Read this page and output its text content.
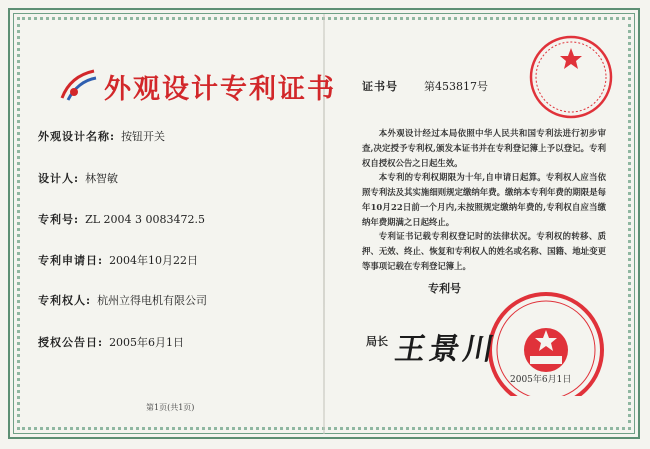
外观设计专利证书
外观设计名称: 按钮开关
设计人: 林智敏
专利号: ZL 2004 3 0083472.5
专利申请日: 2004年10月22日
专利权人: 杭州立得电机有限公司
授权公告日: 2005年6月1日
第1页(共1页)
证书号 第453817号
本外观设计经过本局依照中华人民共和国专利法进行初步审查,决定授予专利权,颁发本证书并在专利登记簿上予以登记。专利权自授权公告之日起生效。
本专利的专利权期限为十年,自申请日起算。专利权人应当依照专利法及其实施细则规定缴纳年费。缴纳本专利年费的期限是每年10月22日前一个月内,未按照规定缴纳年费的,专利权自应当缴纳年费期满之日起终止。
专利证书记载专利权登记时的法律状况。专利权的转移、质押、无效、终止、恢复和专利权人的姓名或名称、国籍、地址变更等事项记载在专利登记簿上。
专利号
局长 王景川
2005年6月1日
